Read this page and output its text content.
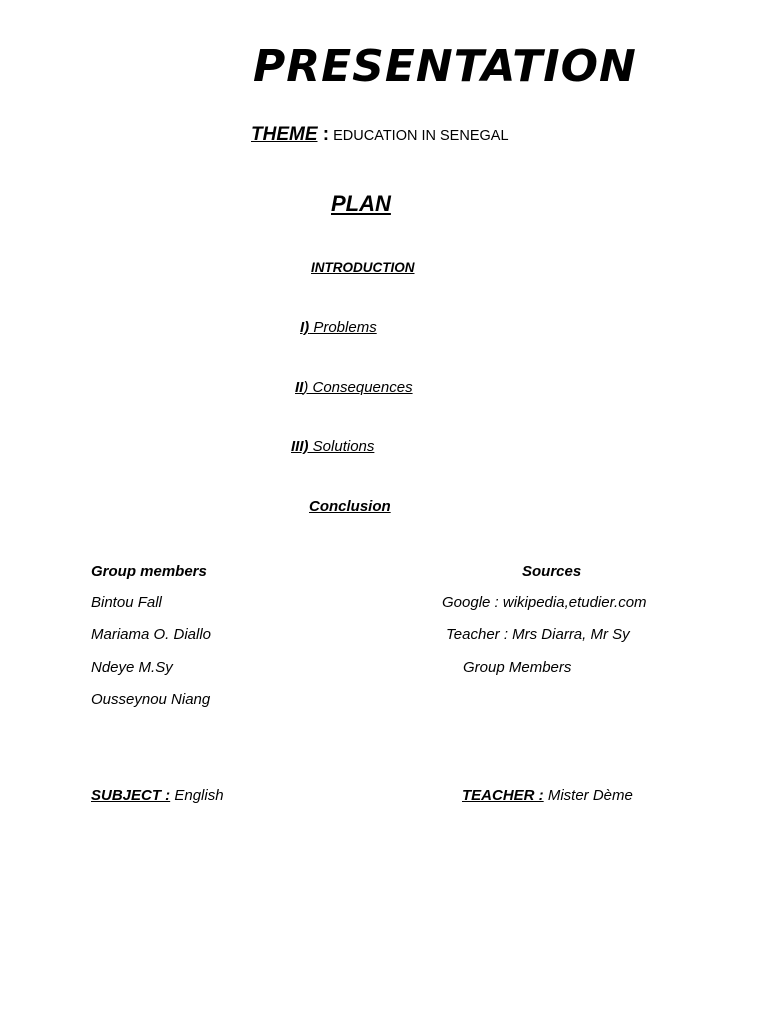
PRESENTATION
THEME : EDUCATION IN SENEGAL
PLAN
INTRODUCTION
I) Problems
II) Consequences
III) Solutions
Conclusion
Group members	Sources
Bintou Fall
Mariama O. Diallo
Ndeye M.Sy
Ousseynou Niang
Google : wikipedia,etudier.com
Teacher : Mrs Diarra, Mr Sy
Group Members
SUBJECT : English	TEACHER : Mister Dème
